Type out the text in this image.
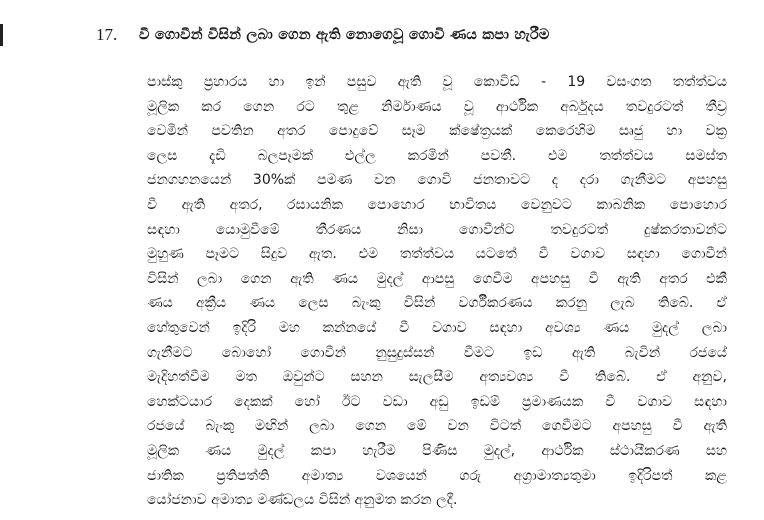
17.	වී ගොවීන් විසින් ලබා ගෙන ඇති නොගෙවූ ගොවි ණය කපා හැරීම
පාස්කු ප්‍රහාරය හා ඉන් පසුව ඇති වූ කොවිඩ් - 19 වසංගත තත්ත්වය
මූලික කර ගෙන රට තුළ නිර්මාණය වූ ආර්ථික අර්බුදය තවදුරටත් තීව්‍ර
වෙමින් පවතින අතර පොදුවේ සෑම ක්ෂේත්‍රයක් කෙරෙහිම සෘජු හා වක්‍ර
ලෙස දැඩි බලපෑමක් එල්ල කරමින් පවතී. එම තත්ත්වය සමස්ත
ජනගහනයෙන් 30%ක් පමණ වන ගොවි ජනතාවට ද දරා ගැනීමට අපහසු
වී ඇති අතර, රසායනික පොහොර භාවිතය වෙනුවට කාබනික පොහොර
සඳහා යොමුවීමේ තීරණය නිසා ගොවීන්ට තවදුරටත් දුෂ්කරතාවන්ට
මුහුණ පෑමට සිදුව ඇත. එම තත්ත්වය යටතේ වී වගාව සඳහා ගොවීන්
විසින් ලබා ගෙන ඇති ණය මුදල් ආපසු ගෙවීම අපහසු වී ඇති අතර එකී
ණය අක්‍රීය ණය ලෙස බැංකු විසින් වර්ගීකරණය කරනු ලැබ තිබේ. ඒ
හේතුවෙන් ඉදිරි මහ කන්නයේ වී වගාව සඳහා අවශ්‍ය ණය මුදල් ලබා
ගැනීමට බොහෝ ගොවීන් නුසුදුස්සන් වීමට ඉඩ ඇති බැවින් රජයේ
මැදිහත්වීම මත ඔවුන්ට සහන සැලසීම අත්‍යවශ්‍ය වී තිබේ. ඒ අනුව,
හෙක්ටයාර දෙකක් හෝ ඊට වඩා අඩු ඉඩම් ප්‍රමාණයක වී වගාව සඳහා
රජයේ බැංකු මඟින් ලබා ගෙන මේ වන විටත් ගෙවීමට අපහසු වී ඇති
මූලික ණය මුදල් කපා හැරීම පිණිස මුදල්, ආර්ථික ස්ථායීකරණ සහ
ජාතික ප්‍රතිපත්ති අමාත්‍ය වශයෙන් ගරු අග්‍රාමාත්‍යතුමා ඉදිරිපත් කළ
යෝජනාව අමාත්‍ය මණ්ඩලය විසින් අනුමත කරන ලදී.
